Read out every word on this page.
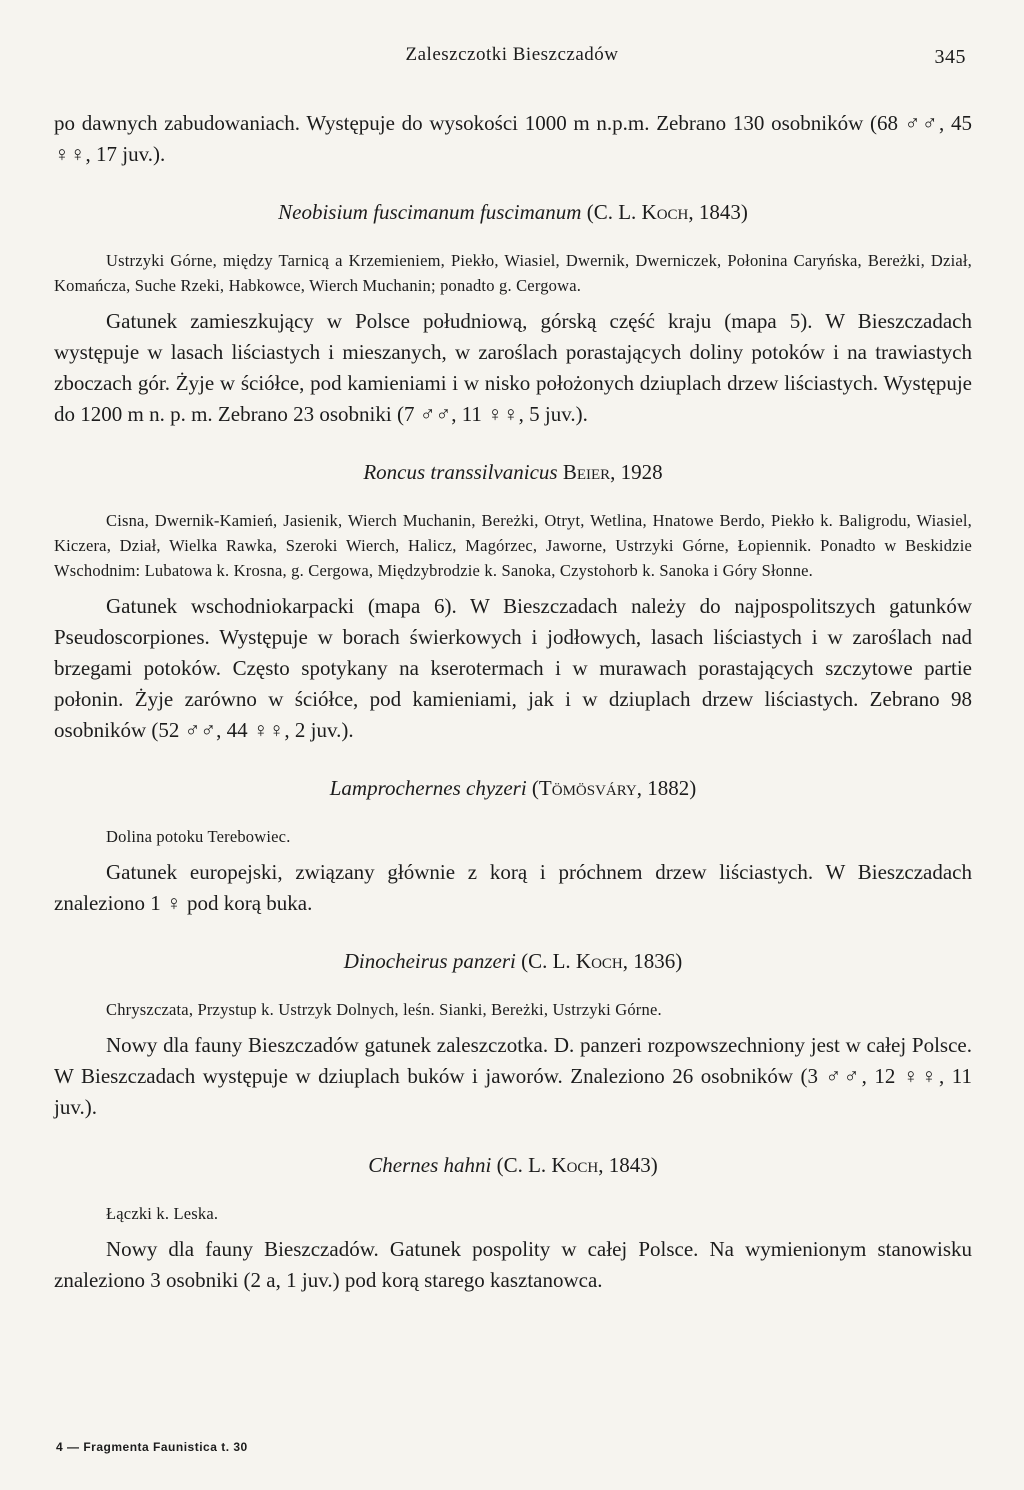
Zaleszczotki Bieszczadów	345

po dawnych zabudowaniach. Występuje do wysokości 1000 m n.p.m. Zebrano 130 osobników (68 ♂♂, 45 ♀♀, 17 juv.).

Neobisium fuscimanum fuscimanum (C. L. Koch, 1843)

Ustrzyki Górne, między Tarnicą a Krzemieniem, Piekło, Wiasiel, Dwernik, Dwerniczek, Połonina Caryńska, Bereżki, Dział, Komańcza, Suche Rzeki, Habkowce, Wierch Muchanin; ponadto g. Cergowa.

Gatunek zamieszkujący w Polsce południową, górską część kraju (mapa 5). W Bieszczadach występuje w lasach liściastych i mieszanych, w zaroślach porastających doliny potoków i na trawiastych zboczach gór. Żyje w ściółce, pod kamieniami i w nisko położonych dziuplach drzew liściastych. Występuje do 1200 m n. p. m. Zebrano 23 osobniki (7 ♂♂, 11 ♀♀, 5 juv.).

Roncus transsilvanicus Beier, 1928

Cisna, Dwernik-Kamień, Jasienik, Wierch Muchanin, Bereżki, Otryt, Wetlina, Hnatowe Berdo, Piekło k. Baligrodu, Wiasiel, Kiczera, Dział, Wielka Rawka, Szeroki Wierch, Halicz, Magórzec, Jaworne, Ustrzyki Górne, Łopiennik. Ponadto w Beskidzie Wschodnim: Lubatowa k. Krosna, g. Cergowa, Międzybrodzie k. Sanoka, Czystohorb k. Sanoka i Góry Słonne.

Gatunek wschodniokarpacki (mapa 6). W Bieszczadach należy do najpospolitszych gatunków Pseudoscorpiones. Występuje w borach świerkowych i jodłowych, lasach liściastych i w zaroślach nad brzegami potoków. Często spotykany na kserotermach i w murawach porastających szczytowe partie połonin. Żyje zarówno w ściółce, pod kamieniami, jak i w dziuplach drzew liściastych. Zebrano 98 osobników (52 ♂♂, 44 ♀♀, 2 juv.).

Lamprochernes chyzeri (Tömösváry, 1882)

Dolina potoku Terebowiec.

Gatunek europejski, związany głównie z korą i próchnem drzew liściastych. W Bieszczadach znaleziono 1 ♀ pod korą buka.

Dinocheirus panzeri (C. L. Koch, 1836)

Chryszczata, Przystup k. Ustrzyk Dolnych, leśn. Sianki, Bereżki, Ustrzyki Górne.

Nowy dla fauny Bieszczadów gatunek zaleszczotka. D. panzeri rozpowszechniony jest w całej Polsce. W Bieszczadach występuje w dziuplach buków i jaworów. Znaleziono 26 osobników (3 ♂♂, 12 ♀♀, 11 juv.).

Chernes hahni (C. L. Koch, 1843)

Łączki k. Leska.

Nowy dla fauny Bieszczadów. Gatunek pospolity w całej Polsce. Na wymienionym stanowisku znaleziono 3 osobniki (2 a, 1 juv.) pod korą starego kasztanowca.

4 — Fragmenta Faunistica t. 30
